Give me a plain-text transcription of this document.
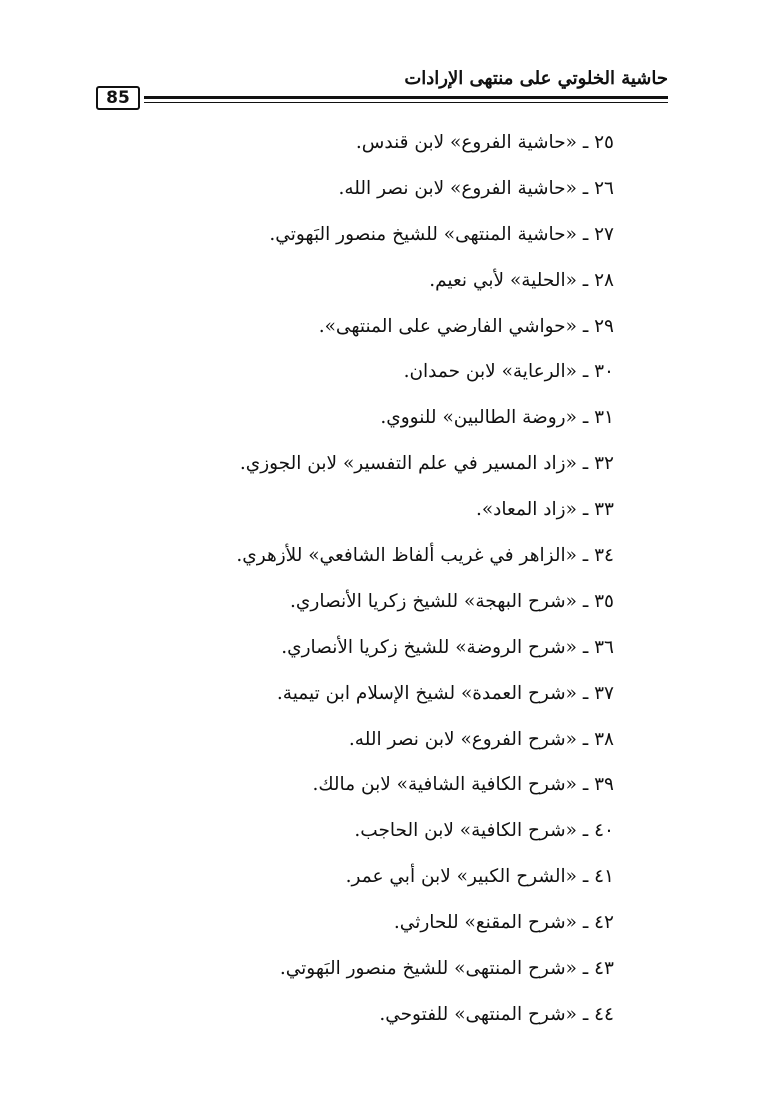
85
حاشية الخلوتي على منتهى الإرادات
٢٥ ـ «حاشية الفروع» لابن قندس.
٢٦ ـ «حاشية الفروع» لابن نصر الله.
٢٧ ـ «حاشية المنتهى» للشيخ منصور البَهوتي.
٢٨ ـ «الحلية» لأبي نعيم.
٢٩ ـ «حواشي الفارضي على المنتهى».
٣٠ ـ «الرعاية» لابن حمدان.
٣١ ـ «روضة الطالبين» للنووي.
٣٢ ـ «زاد المسير في علم التفسير» لابن الجوزي.
٣٣ ـ «زاد المعاد».
٣٤ ـ «الزاهر في غريب ألفاظ الشافعي» للأزهري.
٣٥ ـ «شرح البهجة» للشيخ زكريا الأنصاري.
٣٦ ـ «شرح الروضة» للشيخ زكريا الأنصاري.
٣٧ ـ «شرح العمدة» لشيخ الإسلام ابن تيمية.
٣٨ ـ «شرح الفروع» لابن نصر الله.
٣٩ ـ «شرح الكافية الشافية» لابن مالك.
٤٠ ـ «شرح الكافية» لابن الحاجب.
٤١ ـ «الشرح الكبير» لابن أبي عمر.
٤٢ ـ «شرح المقنع» للحارثي.
٤٣ ـ «شرح المنتهى» للشيخ منصور البَهوتي.
٤٤ ـ «شرح المنتهى» للفتوحي.
